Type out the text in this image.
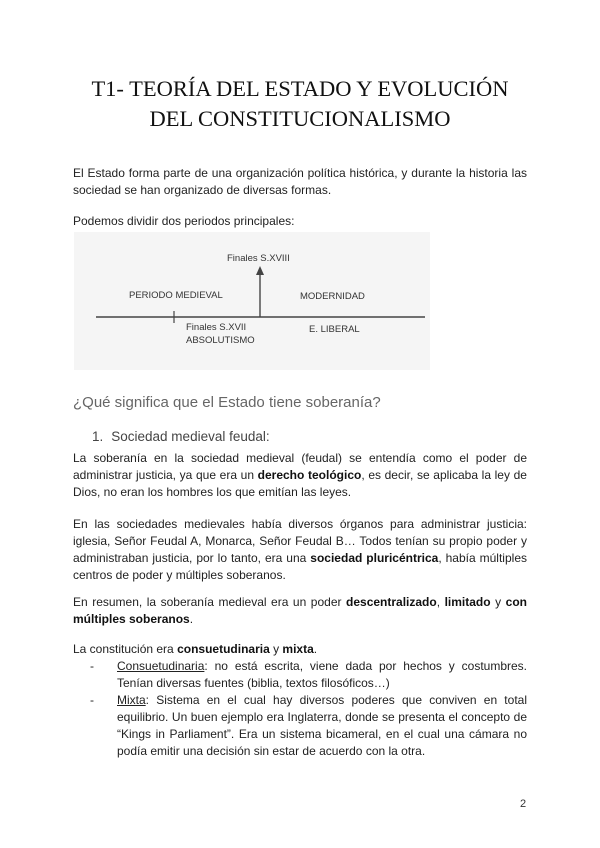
T1- TEORÍA DEL ESTADO Y EVOLUCIÓN
DEL CONSTITUCIONALISMO
El Estado forma parte de una organización política histórica, y durante la historia las sociedad se han organizado de diversas formas.
Podemos dividir dos periodos principales:
Finales S.XVIII
PERIODO MEDIEVAL	MODERNIDAD
Finales S.XVII
ABSOLUTISMO
E. LIBERAL
¿Qué significa que el Estado tiene soberanía?
1. Sociedad medieval feudal:
La soberanía en la sociedad medieval (feudal) se entendía como el poder de administrar justicia, ya que era un derecho teológico, es decir, se aplicaba la ley de Dios, no eran los hombres los que emitían las leyes.
En las sociedades medievales había diversos órganos para administrar justicia: iglesia, Señor Feudal A, Monarca, Señor Feudal B… Todos tenían su propio poder y administraban justicia, por lo tanto, era una sociedad pluricéntrica, había múltiples centros de poder y múltiples soberanos.
En resumen, la soberanía medieval era un poder descentralizado, limitado y con múltiples soberanos.
La constitución era consuetudinaria y mixta.
- Consuetudinaria: no está escrita, viene dada por hechos y costumbres. Tenían diversas fuentes (biblia, textos filosóficos…)
- Mixta: Sistema en el cual hay diversos poderes que conviven en total equilibrio. Un buen ejemplo era Inglaterra, donde se presenta el concepto de “Kings in Parliament”. Era un sistema bicameral, en el cual una cámara no podía emitir una decisión sin estar de acuerdo con la otra.
2
